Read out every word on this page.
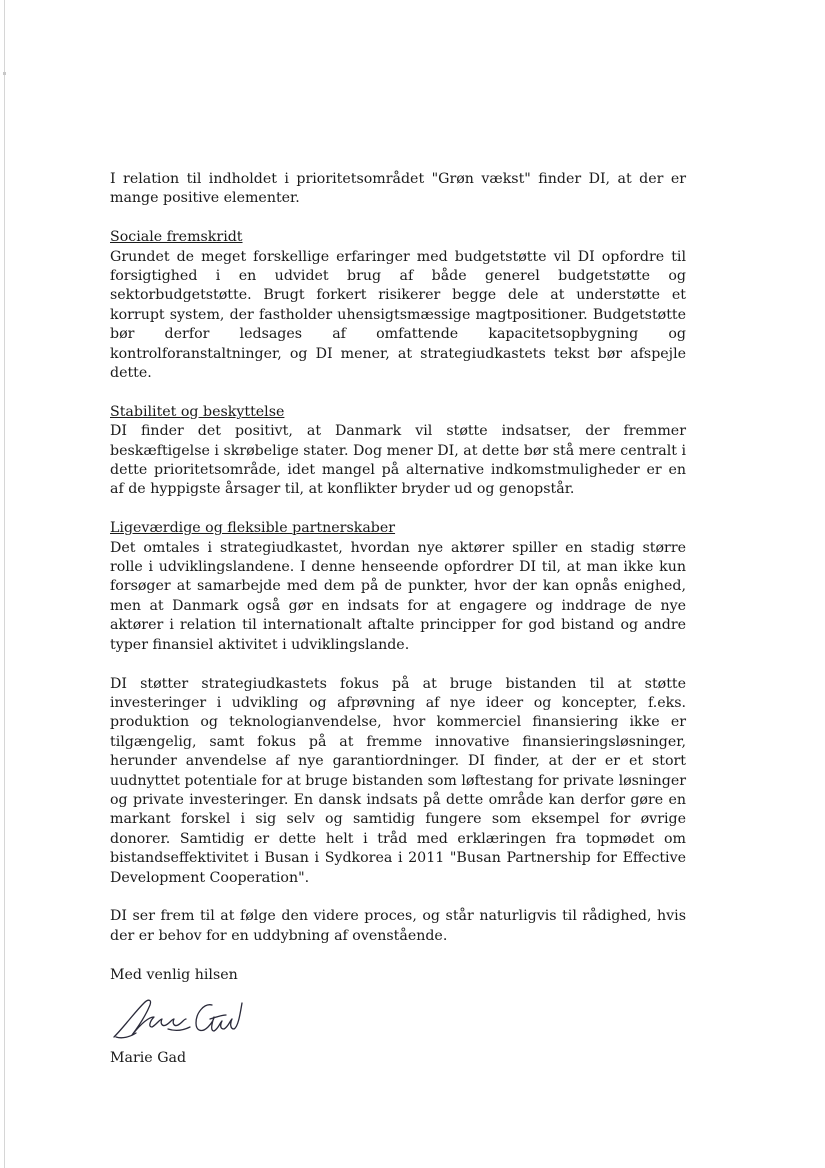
I relation til indholdet i prioritetsområdet "Grøn vækst" finder DI, at der er mange positive elementer.

Sociale fremskridt
Grundet de meget forskellige erfaringer med budgetstøtte vil DI opfordre til forsigtighed i en udvidet brug af både generel budgetstøtte og sektorbudgetstøtte. Brugt forkert risikerer begge dele at understøtte et korrupt system, der fastholder uhensigtsmæssige magtpositioner. Budgetstøtte bør derfor ledsages af omfattende kapacitetsopbygning og kontrolforanstaltninger, og DI mener, at strategiudkastets tekst bør afspejle dette.
Stabilitet og beskyttelse
DI finder det positivt, at Danmark vil støtte indsatser, der fremmer beskæftigelse i skrøbelige stater. Dog mener DI, at dette bør stå mere centralt i dette prioritetsområde, idet mangel på alternative indkomstmuligheder er en af de hyppigste årsager til, at konflikter bryder ud og genopstår.
Ligeværdige og fleksible partnerskaber
Det omtales i strategiudkastet, hvordan nye aktører spiller en stadig større rolle i udviklingslandene. I denne henseende opfordrer DI til, at man ikke kun forsøger at samarbejde med dem på de punkter, hvor der kan opnås enighed, men at Danmark også gør en indsats for at engagere og inddrage de nye aktører i relation til internationalt aftalte principper for god bistand og andre typer finansiel aktivitet i udviklingslande.

DI støtter strategiudkastets fokus på at bruge bistanden til at støtte investeringer i udvikling og afprøvning af nye ideer og koncepter, f.eks. produktion og teknologianvendelse, hvor kommerciel finansiering ikke er tilgængelig, samt fokus på at fremme innovative finansieringsløsninger, herunder anvendelse af nye garantiordninger. DI finder, at der er et stort uudnyttet potentiale for at bruge bistanden som løftestang for private løsninger og private investeringer. En dansk indsats på dette område kan derfor gøre en markant forskel i sig selv og samtidig fungere som eksempel for øvrige donorer. Samtidig er dette helt i tråd med erklæringen fra topmødet om bistandseffektivitet i Busan i Sydkorea i 2011 "Busan Partnership for Effective Development Cooperation".

DI ser frem til at følge den videre proces, og står naturligvis til rådighed, hvis der er behov for en uddybning af ovenstående.

Med venlig hilsen

Marie Gad
